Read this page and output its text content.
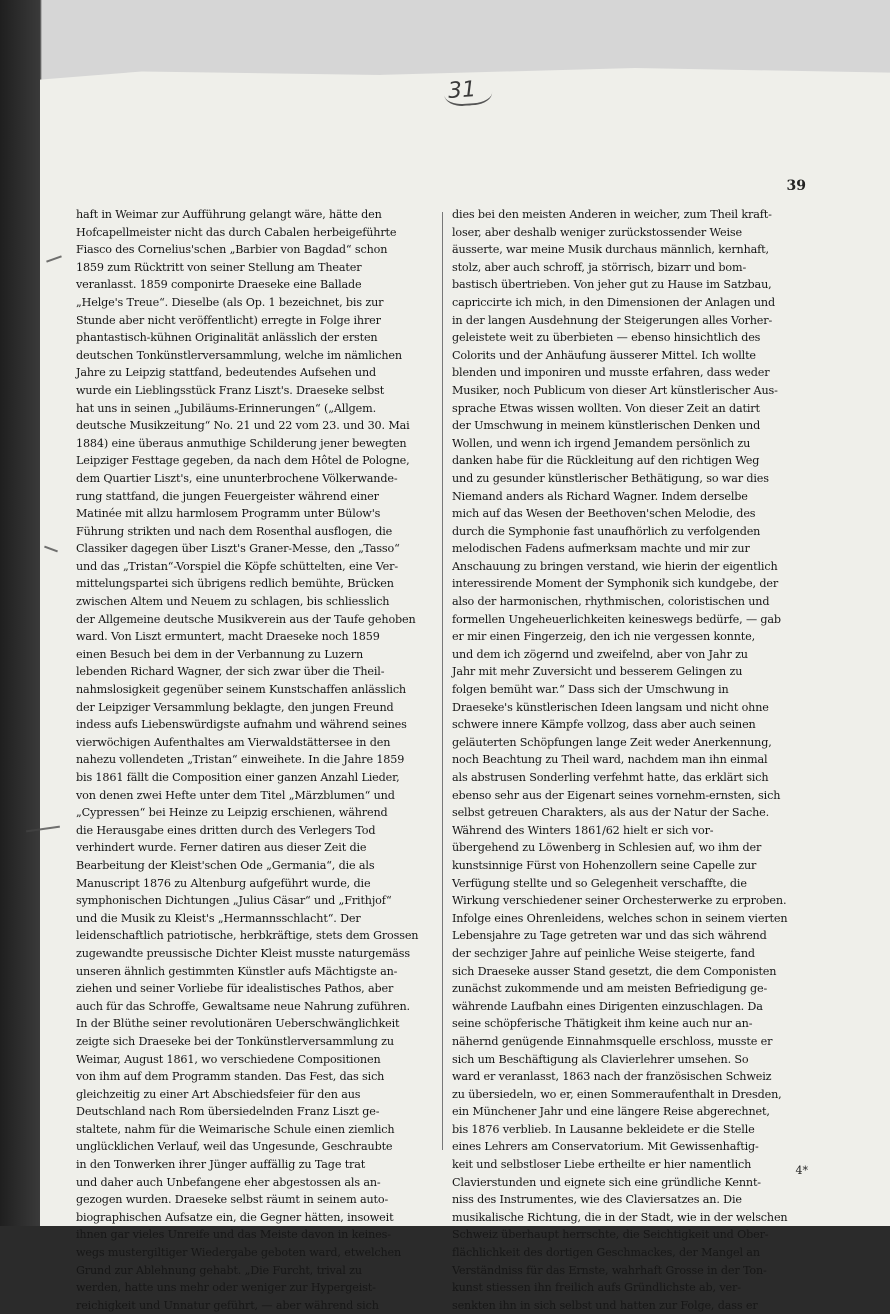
31
39
haft in Weimar zur Aufführung gelangt wäre, hätte den
Hofcapellmeister nicht das durch Cabalen herbeigeführte
Fiasco des Cornelius'schen „Barbier von Bagdad“ schon
1859 zum Rücktritt von seiner Stellung am Theater
veranlasst. 1859 componirte Draeseke eine Ballade
„Helge's Treue“. Dieselbe (als Op. 1 bezeichnet, bis zur
Stunde aber nicht veröffentlicht) erregte in Folge ihrer
phantastisch-kühnen Originalität anlässlich der ersten
deutschen Tonkünstlerversammlung, welche im nämlichen
Jahre zu Leipzig stattfand, bedeutendes Aufsehen und
wurde ein Lieblingsstück Franz Liszt's. Draeseke selbst
hat uns in seinen „Jubiläums-Erinnerungen“ („Allgem.
deutsche Musikzeitung“ No. 21 und 22 vom 23. und 30. Mai
1884) eine überaus anmuthige Schilderung jener bewegten
Leipziger Festtage gegeben, da nach dem Hôtel de Pologne,
dem Quartier Liszt's, eine ununterbrochene Völkerwande-
rung stattfand, die jungen Feuergeister während einer
Matinée mit allzu harmlosem Programm unter Bülow's
Führung strikten und nach dem Rosenthal ausflogen, die
Classiker dagegen über Liszt's Graner-Messe, den „Tasso“
und das „Tristan“-Vorspiel die Köpfe schüttelten, eine Ver-
mittelungspartei sich übrigens redlich bemühte, Brücken
zwischen Altem und Neuem zu schlagen, bis schliesslich
der Allgemeine deutsche Musikverein aus der Taufe gehoben
ward. Von Liszt ermuntert, macht Draeseke noch 1859
einen Besuch bei dem in der Verbannung zu Luzern
lebenden Richard Wagner, der sich zwar über die Theil-
nahmslosigkeit gegenüber seinem Kunstschaffen anlässlich
der Leipziger Versammlung beklagte, den jungen Freund
indess aufs Liebenswürdigste aufnahm und während seines
vierwöchigen Aufenthaltes am Vierwaldstättersee in den
nahezu vollendeten „Tristan“ einweihete. In die Jahre 1859
bis 1861 fällt die Composition einer ganzen Anzahl Lieder,
von denen zwei Hefte unter dem Titel „Märzblumen“ und
„Cypressen“ bei Heinze zu Leipzig erschienen, während
die Herausgabe eines dritten durch des Verlegers Tod
verhindert wurde. Ferner datiren aus dieser Zeit die
Bearbeitung der Kleist'schen Ode „Germania“, die als
Manuscript 1876 zu Altenburg aufgeführt wurde, die
symphonischen Dichtungen „Julius Cäsar“ und „Frithjof“
und die Musik zu Kleist's „Hermannsschlacht“. Der
leidenschaftlich patriotische, herbkräftige, stets dem Grossen
zugewandte preussische Dichter Kleist musste naturgemäss
unseren ähnlich gestimmten Künstler aufs Mächtigste an-
ziehen und seiner Vorliebe für idealistisches Pathos, aber
auch für das Schroffe, Gewaltsame neue Nahrung zuführen.
In der Blüthe seiner revolutionären Ueberschwänglichkeit
zeigte sich Draeseke bei der Tonkünstlerversammlung zu
Weimar, August 1861, wo verschiedene Compositionen
von ihm auf dem Programm standen. Das Fest, das sich
gleichzeitig zu einer Art Abschiedsfeier für den aus
Deutschland nach Rom übersiedelnden Franz Liszt ge-
staltete, nahm für die Weimarische Schule einen ziemlich
unglücklichen Verlauf, weil das Ungesunde, Geschraubte
in den Tonwerken ihrer Jünger auffällig zu Tage trat
und daher auch Unbefangene eher abgestossen als an-
gezogen wurden. Draeseke selbst räumt in seinem auto-
biographischen Aufsatze ein, die Gegner hätten, insoweit
ihnen gar vieles Unreife und das Meiste davon in keines-
wegs mustergiltiger Wiedergabe geboten ward, etwelchen
Grund zur Ablehnung gehabt. „Die Furcht, trival zu
werden, hatte uns mehr oder weniger zur Hypergeist-
reichigkeit und Unnatur geführt, — aber während sich
dies bei den meisten Anderen in weicher, zum Theil kraft-
loser, aber deshalb weniger zurückstossender Weise
äusserte, war meine Musik durchaus männlich, kernhaft,
stolz, aber auch schroff, ja störrisch, bizarr und bom-
bastisch übertrieben. Von jeher gut zu Hause im Satzbau,
capriccirte ich mich, in den Dimensionen der Anlagen und
in der langen Ausdehnung der Steigerungen alles Vorher-
geleistete weit zu überbieten — ebenso hinsichtlich des
Colorits und der Anhäufung äusserer Mittel. Ich wollte
blenden und imponiren und musste erfahren, dass weder
Musiker, noch Publicum von dieser Art künstlerischer Aus-
sprache Etwas wissen wollten. Von dieser Zeit an datirt
der Umschwung in meinem künstlerischen Denken und
Wollen, und wenn ich irgend Jemandem persönlich zu
danken habe für die Rückleitung auf den richtigen Weg
und zu gesunder künstlerischer Bethätigung, so war dies
Niemand anders als Richard Wagner. Indem derselbe
mich auf das Wesen der Beethoven'schen Melodie, des
durch die Symphonie fast unaufhörlich zu verfolgenden
melodischen Fadens aufmerksam machte und mir zur
Anschauung zu bringen verstand, wie hierin der eigentlich
interessirende Moment der Symphonik sich kundgebe, der
also der harmonischen, rhythmischen, coloristischen und
formellen Ungeheuerlichkeiten keineswegs bedürfe, — gab
er mir einen Fingerzeig, den ich nie vergessen konnte,
und dem ich zögernd und zweifelnd, aber von Jahr zu
Jahr mit mehr Zuversicht und besserem Gelingen zu
folgen bemüht war.“ Dass sich der Umschwung in
Draeseke's künstlerischen Ideen langsam und nicht ohne
schwere innere Kämpfe vollzog, dass aber auch seinen
geläuterten Schöpfungen lange Zeit weder Anerkennung,
noch Beachtung zu Theil ward, nachdem man ihn einmal
als abstrusen Sonderling verfehmt hatte, das erklärt sich
ebenso sehr aus der Eigenart seines vornehm-ernsten, sich
selbst getreuen Charakters, als aus der Natur der Sache.
Während des Winters 1861/62 hielt er sich vor-
übergehend zu Löwenberg in Schlesien auf, wo ihm der
kunstsinnige Fürst von Hohenzollern seine Capelle zur
Verfügung stellte und so Gelegenheit verschaffte, die
Wirkung verschiedener seiner Orchesterwerke zu erproben.
Infolge eines Ohrenleidens, welches schon in seinem vierten
Lebensjahre zu Tage getreten war und das sich während
der sechziger Jahre auf peinliche Weise steigerte, fand
sich Draeseke ausser Stand gesetzt, die dem Componisten
zunächst zukommende und am meisten Befriedigung ge-
währende Laufbahn eines Dirigenten einzuschlagen. Da
seine schöpferische Thätigkeit ihm keine auch nur an-
nähernd genügende Einnahmsquelle erschloss, musste er
sich um Beschäftigung als Clavierlehrer umsehen. So
ward er veranlasst, 1863 nach der französischen Schweiz
zu übersiedeln, wo er, einen Sommeraufenthalt in Dresden,
ein Münchener Jahr und eine längere Reise abgerechnet,
bis 1876 verblieb. In Lausanne bekleidete er die Stelle
eines Lehrers am Conservatorium. Mit Gewissenhaftig-
keit und selbstloser Liebe ertheilte er hier namentlich
Clavierstunden und eignete sich eine gründliche Kennt-
niss des Instrumentes, wie des Claviersatzes an. Die
musikalische Richtung, die in der Stadt, wie in der welschen
Schweiz überhaupt herrschte, die Seichtigkeit und Ober-
flächlichkeit des dortigen Geschmackes, der Mangel an
Verständniss für das Ernste, wahrhaft Grosse in der Ton-
kunst stiessen ihn freilich aufs Gründlichste ab, ver-
senkten ihn in sich selbst und hatten zur Folge, dass er
4*
